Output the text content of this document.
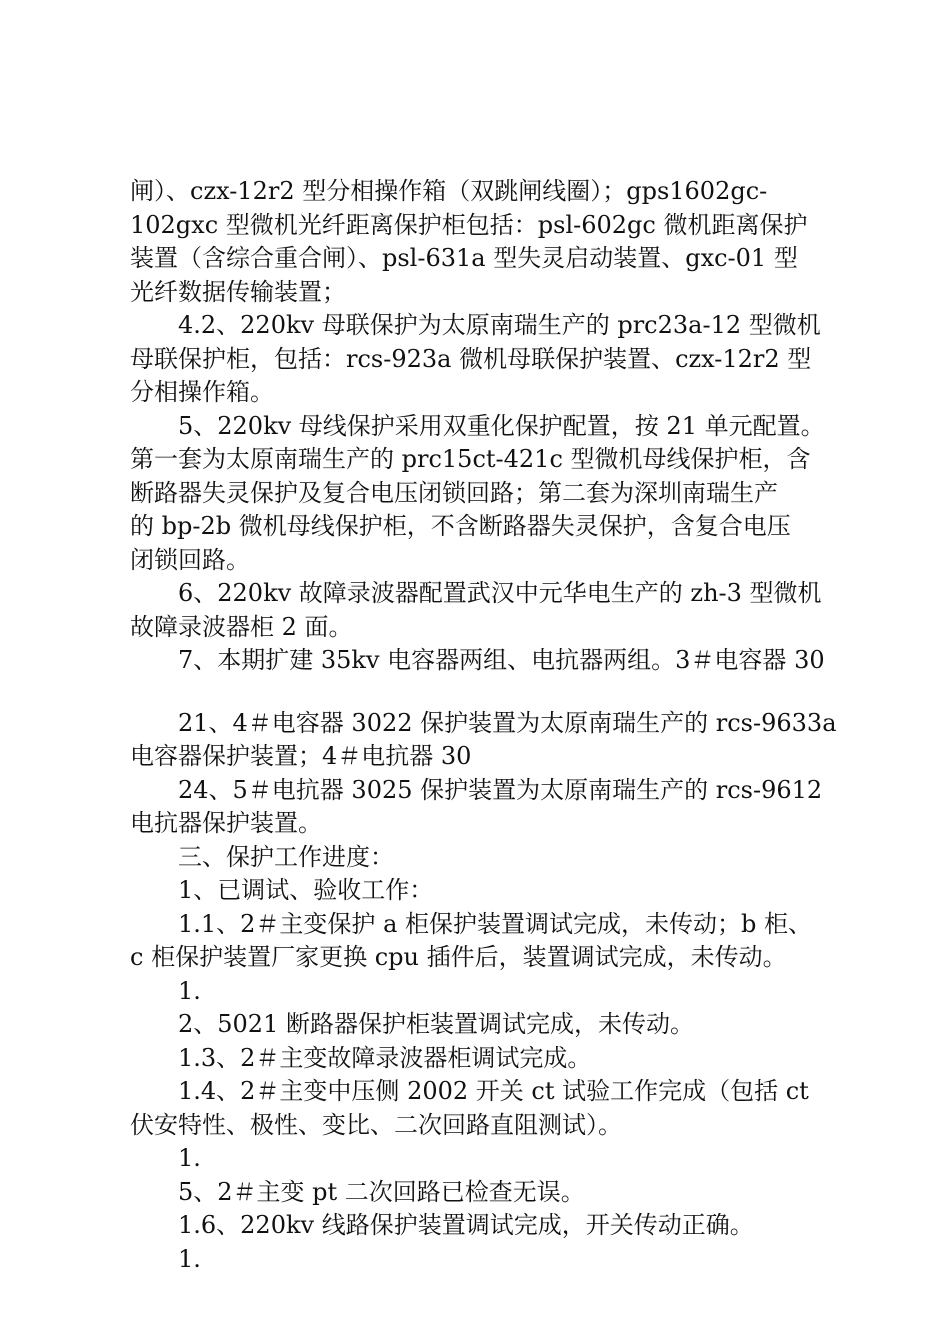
闸）、czx-12r2 型分相操作箱（双跳闸线圈）；gps1602gc-

102gxc 型微机光纤距离保护柜包括：psl-602gc 微机距离保护

装置（含综合重合闸）、psl-631a 型失灵启动装置、gxc-01 型

光纤数据传输装置；

4.2、220kv 母联保护为太原南瑞生产的 prc23a-12 型微机

母联保护柜，包括：rcs-923a 微机母联保护装置、czx-12r2 型

分相操作箱。

5、220kv 母线保护采用双重化保护配置，按 21 单元配置。

第一套为太原南瑞生产的 prc15ct-421c 型微机母线保护柜，含

断路器失灵保护及复合电压闭锁回路；第二套为深圳南瑞生产

的 bp-2b 微机母线保护柜，不含断路器失灵保护，含复合电压

闭锁回路。

6、220kv 故障录波器配置武汉中元华电生产的 zh-3 型微机

故障录波器柜 2 面。

7、本期扩建 35kv 电容器两组、电抗器两组。3＃电容器 30

21、4＃电容器 3022 保护装置为太原南瑞生产的 rcs-9633a

电容器保护装置；4＃电抗器 30

24、5＃电抗器 3025 保护装置为太原南瑞生产的 rcs-9612

电抗器保护装置。

三、保护工作进度：

1、已调试、验收工作：

1.1、2＃主变保护 a 柜保护装置调试完成，未传动；b 柜、

c 柜保护装置厂家更换 cpu 插件后，装置调试完成，未传动。

1.

2、5021 断路器保护柜装置调试完成，未传动。

1.3、2＃主变故障录波器柜调试完成。

1.4、2＃主变中压侧 2002 开关 ct 试验工作完成（包括 ct

伏安特性、极性、变比、二次回路直阻测试）。

1.

5、2＃主变 pt 二次回路已检查无误。

1.6、220kv 线路保护装置调试完成，开关传动正确。

1.
